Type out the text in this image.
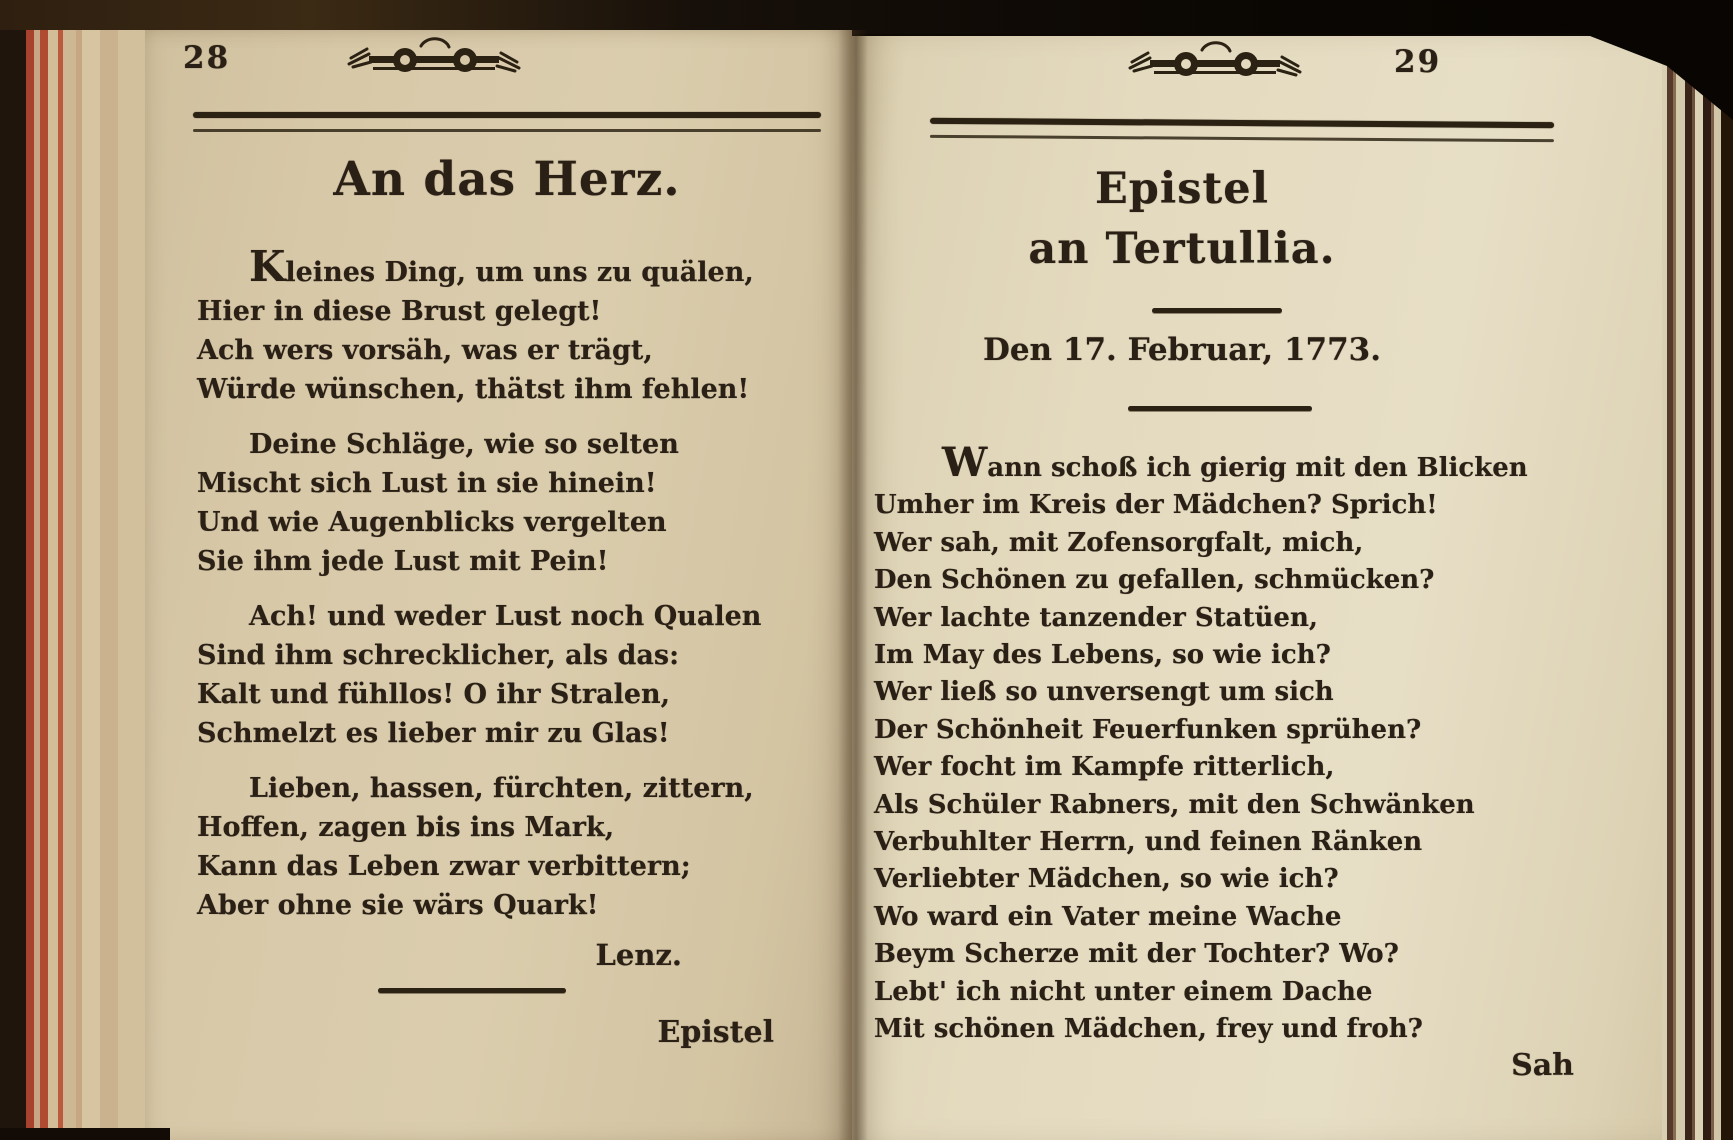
28
An das Herz.
Kleines Ding, um uns zu quälen,
Hier in diese Brust gelegt!
Ach wers vorsäh, was er trägt,
Würde wünschen, thätst ihm fehlen!
Deine Schläge, wie so selten
Mischt sich Lust in sie hinein!
Und wie Augenblicks vergelten
Sie ihm jede Lust mit Pein!
Ach! und weder Lust noch Qualen
Sind ihm schrecklicher, als das:
Kalt und fühllos! O ihr Stralen,
Schmelzt es lieber mir zu Glas!
Lieben, hassen, fürchten, zittern,
Hoffen, zagen bis ins Mark,
Kann das Leben zwar verbittern;
Aber ohne sie wärs Quark!
Lenz.
Epistel
29
Epistel
an Tertullia.
Den 17. Februar, 1773.
Wann schoß ich gierig mit den Blicken
Umher im Kreis der Mädchen? Sprich!
Wer sah, mit Zofensorgfalt, mich,
Den Schönen zu gefallen, schmücken?
Wer lachte tanzender Statüen,
Im May des Lebens, so wie ich?
Wer ließ so unversengt um sich
Der Schönheit Feuerfunken sprühen?
Wer focht im Kampfe ritterlich,
Als Schüler Rabners, mit den Schwänken
Verbuhlter Herrn, und feinen Ränken
Verliebter Mädchen, so wie ich?
Wo ward ein Vater meine Wache
Beym Scherze mit der Tochter? Wo?
Lebt' ich nicht unter einem Dache
Mit schönen Mädchen, frey und froh?
Sah
